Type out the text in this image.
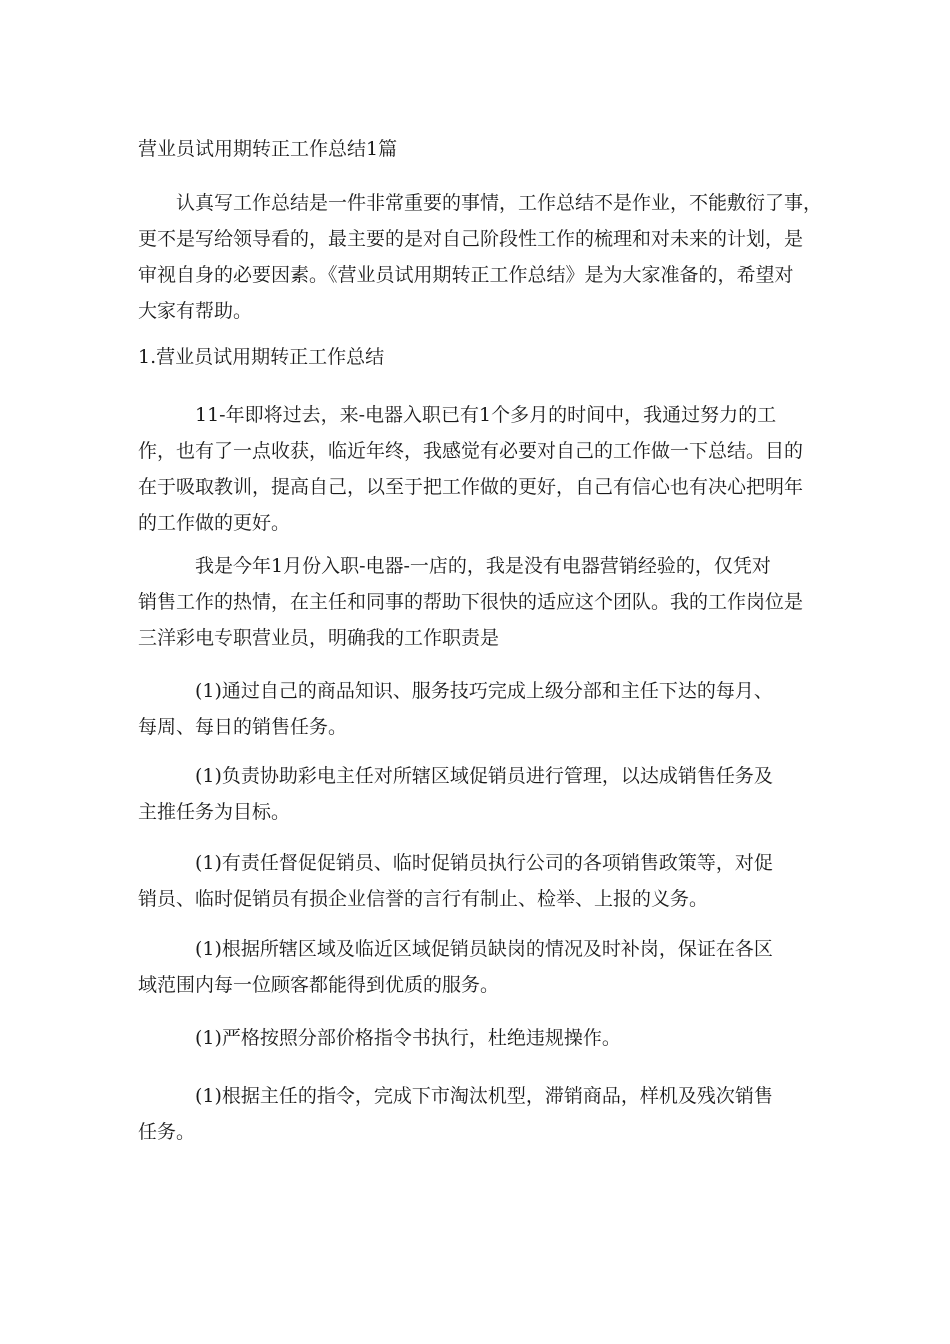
营业员试用期转正工作总结1篇

　　认真写工作总结是一件非常重要的事情，工作总结不是作业，不能敷衍了事，
更不是写给领导看的，最主要的是对自己阶段性工作的梳理和对未来的计划，是
审视自身的必要因素。《营业员试用期转正工作总结》是为大家准备的，希望对
大家有帮助。

1.营业员试用期转正工作总结

　　　11-年即将过去，来-电器入职已有1个多月的时间中，我通过努力的工
作，也有了一点收获，临近年终，我感觉有必要对自己的工作做一下总结。目的
在于吸取教训，提高自己，以至于把工作做的更好，自己有信心也有决心把明年
的工作做的更好。

　　　我是今年1月份入职-电器-一店的，我是没有电器营销经验的，仅凭对
销售工作的热情，在主任和同事的帮助下很快的适应这个团队。我的工作岗位是
三洋彩电专职营业员，明确我的工作职责是

　　　(1)通过自己的商品知识、服务技巧完成上级分部和主任下达的每月、
每周、每日的销售任务。

　　　(1)负责协助彩电主任对所辖区域促销员进行管理，以达成销售任务及
主推任务为目标。

　　　(1)有责任督促促销员、临时促销员执行公司的各项销售政策等，对促
销员、临时促销员有损企业信誉的言行有制止、检举、上报的义务。

　　　(1)根据所辖区域及临近区域促销员缺岗的情况及时补岗，保证在各区
域范围内每一位顾客都能得到优质的服务。

　　　(1)严格按照分部价格指令书执行，杜绝违规操作。

　　　(1)根据主任的指令，完成下市淘汰机型，滞销商品，样机及残次销售
任务。
